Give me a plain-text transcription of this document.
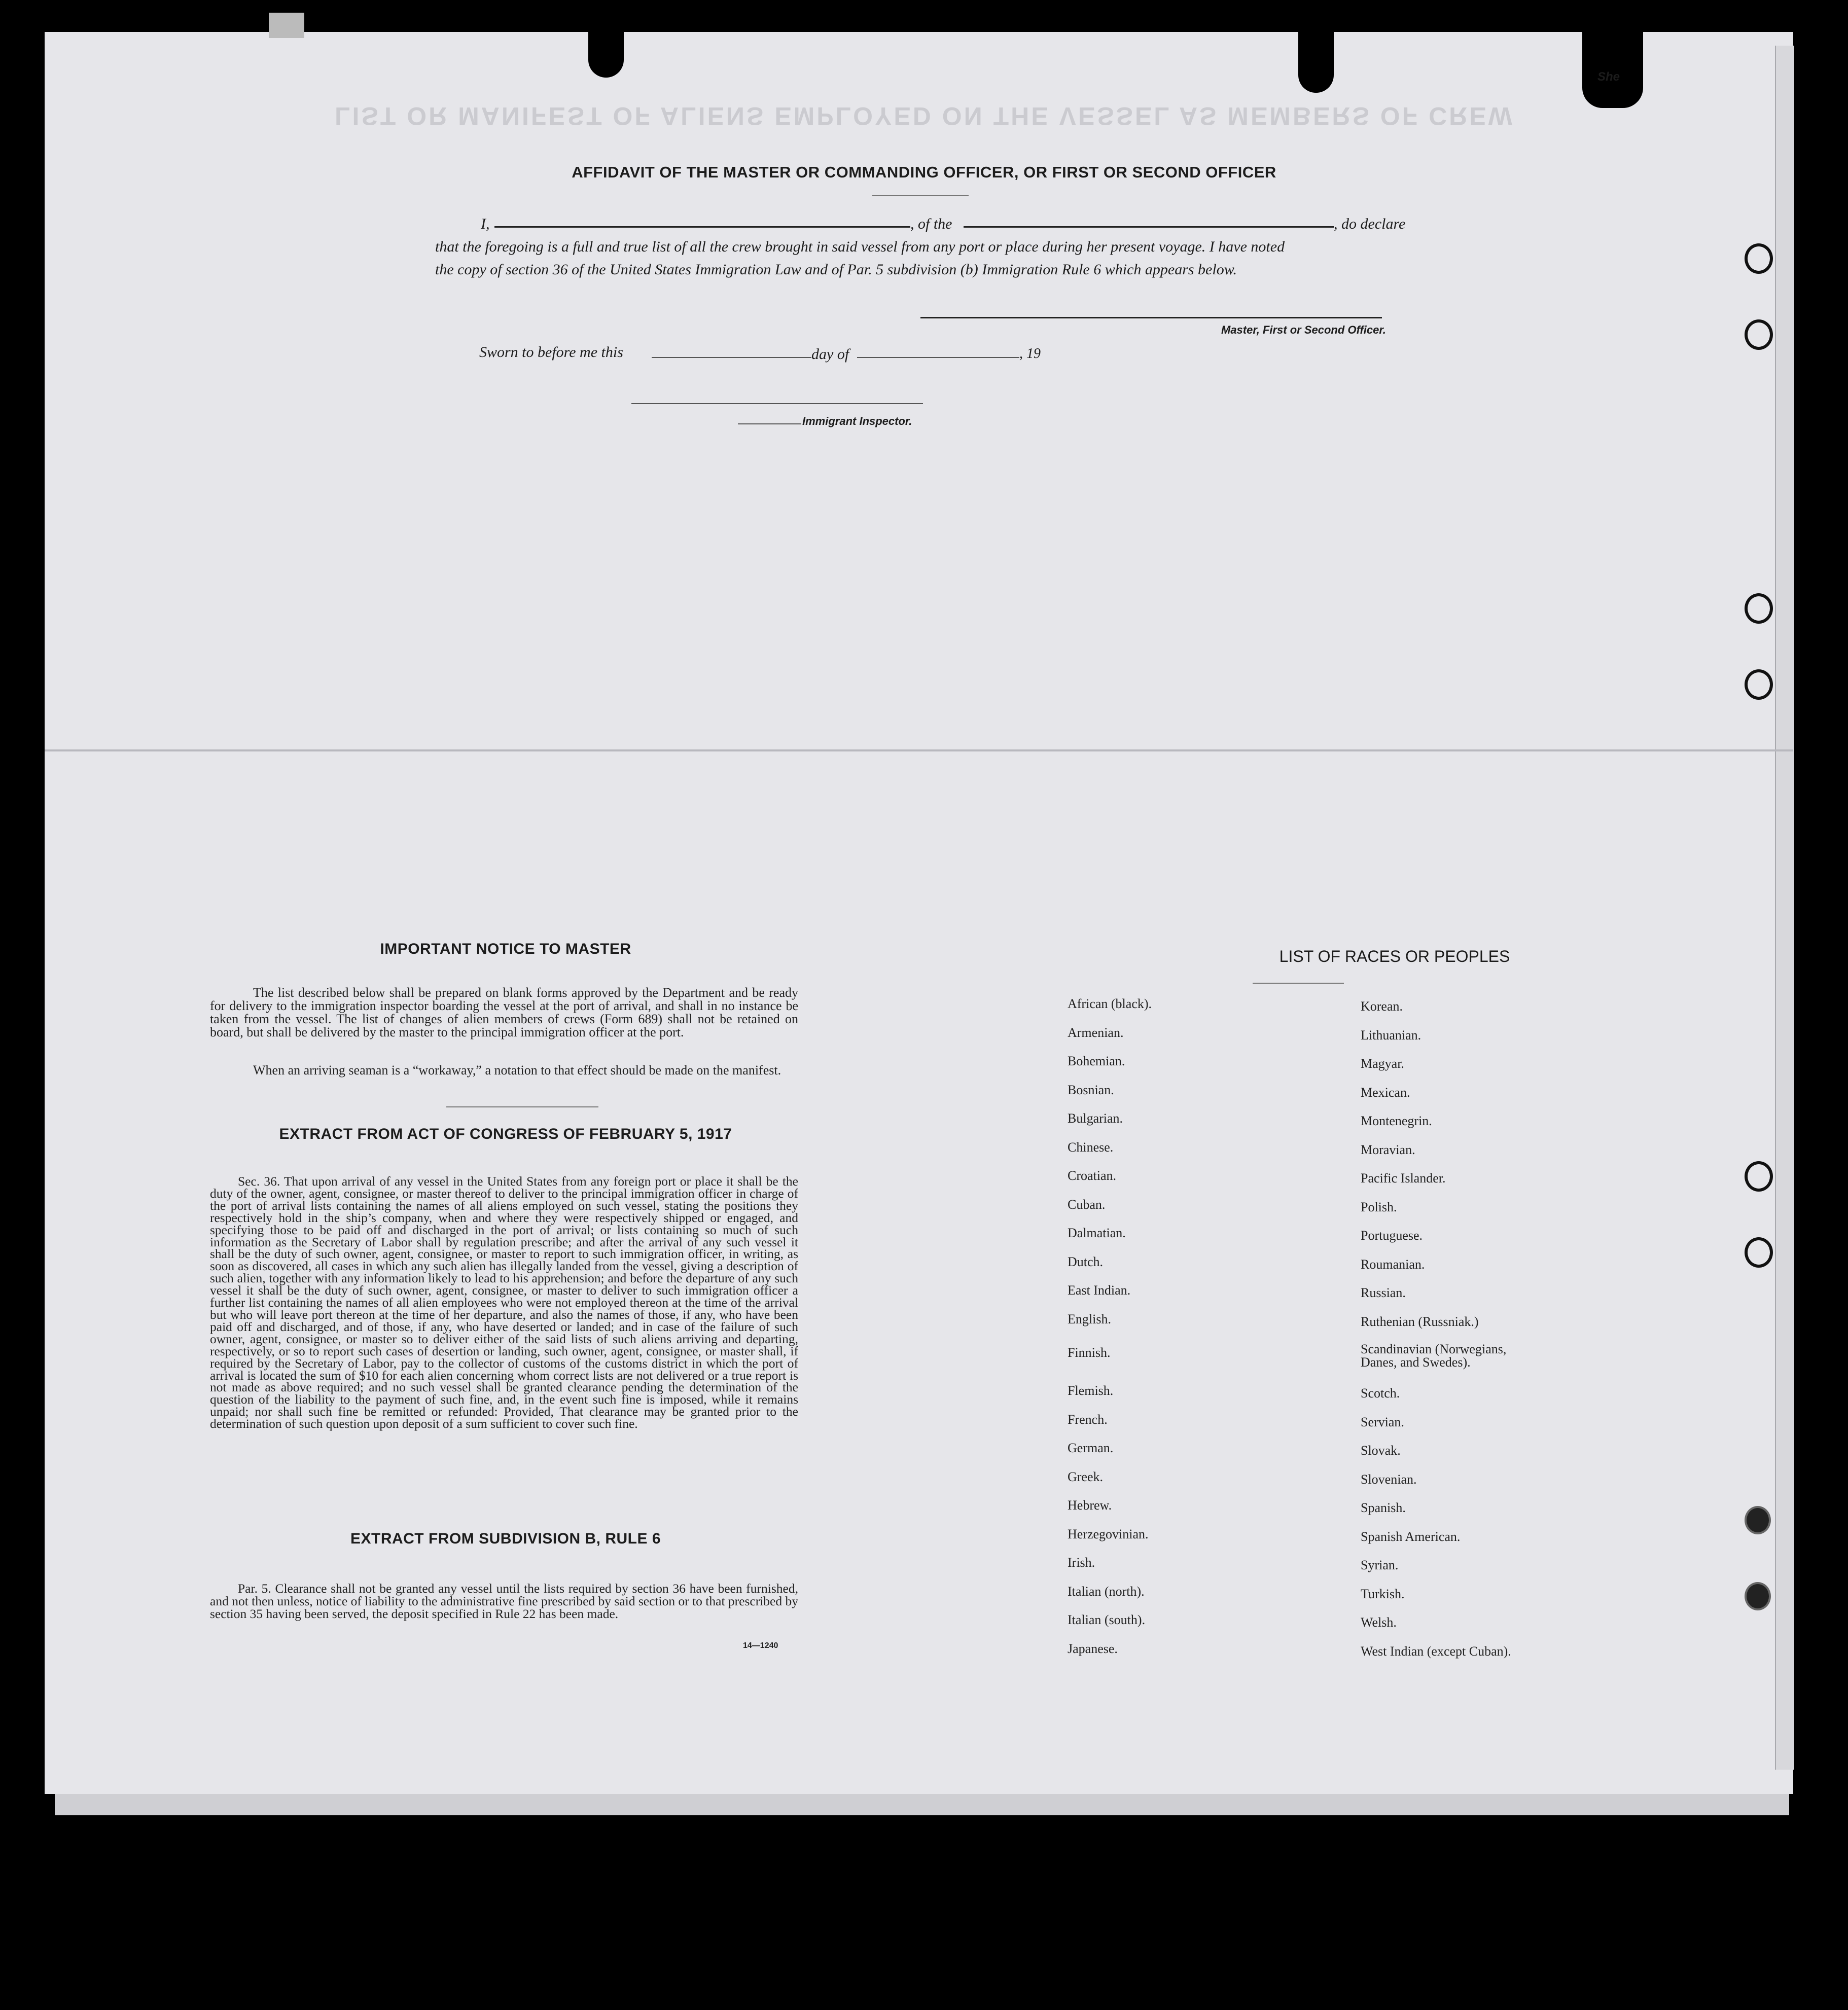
She
LIST OR MANIFEST OF ALIENS EMPLOYED ON THE VESSEL AS MEMBERS OF CREW
AFFIDAVIT OF THE MASTER OR COMMANDING OFFICER, OR FIRST OR SECOND OFFICER
I,	, of the	, do declare
that the foregoing is a full and true list of all the crew brought in said vessel from any port or place during her present voyage. I have noted
the copy of section 36 of the United States Immigration Law and of Par. 5 subdivision (b) Immigration Rule 6 which appears below.
Master, First or Second Officer.
Sworn to before me this	day of	, 19
Immigrant Inspector.
IMPORTANT NOTICE TO MASTER
The list described below shall be prepared on blank forms approved by the Department and be ready for delivery to the immigration inspector boarding the vessel at the port of arrival, and shall in no instance be taken from the vessel. The list of changes of alien members of crews (Form 689) shall not be retained on board, but shall be delivered by the master to the principal immigration officer at the port.
When an arriving seaman is a “workaway,” a notation to that effect should be made on the manifest.
EXTRACT FROM ACT OF CONGRESS OF FEBRUARY 5, 1917
Sec. 36. That upon arrival of any vessel in the United States from any foreign port or place it shall be the duty of the owner, agent, consignee, or master thereof to deliver to the principal immigration officer in charge of the port of arrival lists containing the names of all aliens employed on such vessel, stating the positions they respectively hold in the ship’s company, when and where they were respectively shipped or engaged, and specifying those to be paid off and discharged in the port of arrival; or lists containing so much of such information as the Secretary of Labor shall by regulation prescribe; and after the arrival of any such vessel it shall be the duty of such owner, agent, consignee, or master to report to such immigration officer, in writing, as soon as discovered, all cases in which any such alien has illegally landed from the vessel, giving a description of such alien, together with any information likely to lead to his apprehension; and before the departure of any such vessel it shall be the duty of such owner, agent, consignee, or master to deliver to such immigration officer a further list containing the names of all alien employees who were not employed thereon at the time of the arrival but who will leave port thereon at the time of her departure, and also the names of those, if any, who have been paid off and discharged, and of those, if any, who have deserted or landed; and in case of the failure of such owner, agent, consignee, or master so to deliver either of the said lists of such aliens arriving and departing, respectively, or so to report such cases of desertion or landing, such owner, agent, consignee, or master shall, if required by the Secretary of Labor, pay to the collector of customs of the customs district in which the port of arrival is located the sum of $10 for each alien concerning whom correct lists are not delivered or a true report is not made as above required; and no such vessel shall be granted clearance pending the determination of the question of the liability to the payment of such fine, and, in the event such fine is imposed, while it remains unpaid; nor shall such fine be remitted or refunded: Provided, That clearance may be granted prior to the determination of such question upon deposit of a sum sufficient to cover such fine.
EXTRACT FROM SUBDIVISION B, RULE 6
Par. 5. Clearance shall not be granted any vessel until the lists required by section 36 have been furnished, and not then unless, notice of liability to the administrative fine prescribed by said section or to that prescribed by section 35 having been served, the deposit specified in Rule 22 has been made.
14—1240
LIST OF RACES OR PEOPLES
African (black).
Armenian.
Bohemian.
Bosnian.
Bulgarian.
Chinese.
Croatian.
Cuban.
Dalmatian.
Dutch.
East Indian.
English.
Finnish.
Flemish.
French.
German.
Greek.
Hebrew.
Herzegovinian.
Irish.
Italian (north).
Italian (south).
Japanese.
Korean.
Lithuanian.
Magyar.
Mexican.
Montenegrin.
Moravian.
Pacific Islander.
Polish.
Portuguese.
Roumanian.
Russian.
Ruthenian (Russniak.)
Scandinavian (Norwegians, Danes, and Swedes).
Scotch.
Servian.
Slovak.
Slovenian.
Spanish.
Spanish American.
Syrian.
Turkish.
Welsh.
West Indian (except Cuban).
